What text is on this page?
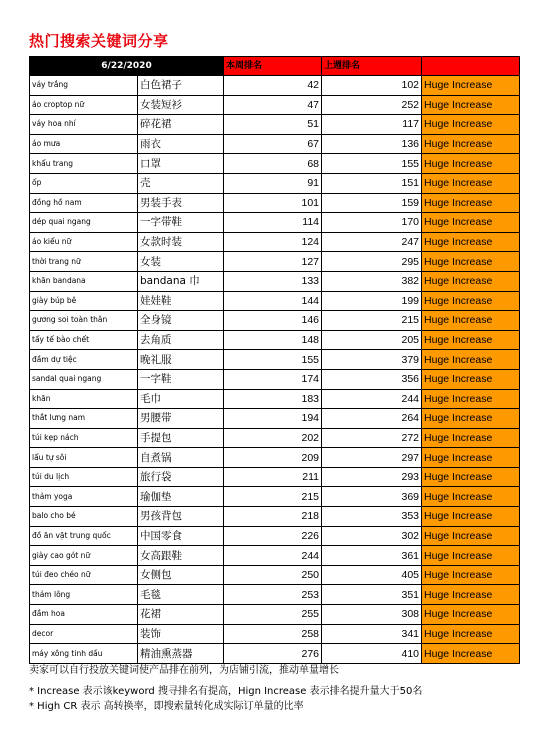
热门搜索关键词分享
6/22/2020		本周排名	上週排名	
váy trắng	白色裙子	42	102	Huge Increase
áo croptop nữ	女装短衫	47	252	Huge Increase
váy hoa nhí	碎花裙	51	117	Huge Increase
áo mưa	雨衣	67	136	Huge Increase
khẩu trang	口罩	68	155	Huge Increase
ốp	壳	91	151	Huge Increase
đồng hồ nam	男装手表	101	159	Huge Increase
dép quai ngang	一字带鞋	114	170	Huge Increase
áo kiểu nữ	女款时装	124	247	Huge Increase
thời trang nữ	女装	127	295	Huge Increase
khăn bandana	bandana 巾	133	382	Huge Increase
giày búp bê	娃娃鞋	144	199	Huge Increase
gương soi toàn thân	全身镜	146	215	Huge Increase
tẩy tế bào chết	去角质	148	205	Huge Increase
đầm dự tiệc	晚礼服	155	379	Huge Increase
sandal quai ngang	一字鞋	174	356	Huge Increase
khăn	毛巾	183	244	Huge Increase
thắt lưng nam	男腰带	194	264	Huge Increase
túi kẹp nách	手提包	202	272	Huge Increase
lẩu tự sôi	自煮锅	209	297	Huge Increase
túi du lịch	旅行袋	211	293	Huge Increase
thảm yoga	瑜伽垫	215	369	Huge Increase
balo cho bé	男孩背包	218	353	Huge Increase
đồ ăn vặt trung quốc	中国零食	226	302	Huge Increase
giày cao gót nữ	女高跟鞋	244	361	Huge Increase
túi đeo chéo nữ	女侧包	250	405	Huge Increase
thảm lông	毛毯	253	351	Huge Increase
đầm hoa	花裙	255	308	Huge Increase
decor	装饰	258	341	Huge Increase
máy xông tinh dầu	精油熏蒸器	276	410	Huge Increase

卖家可以自行投放关键词使产品排在前列，为店铺引流，推动单量增长

* Increase 表示该keyword 搜寻排名有提高，Hign Increase 表示排名提升量大于50名

* High CR 表示 高转换率，即搜索量转化成实际订单量的比率
